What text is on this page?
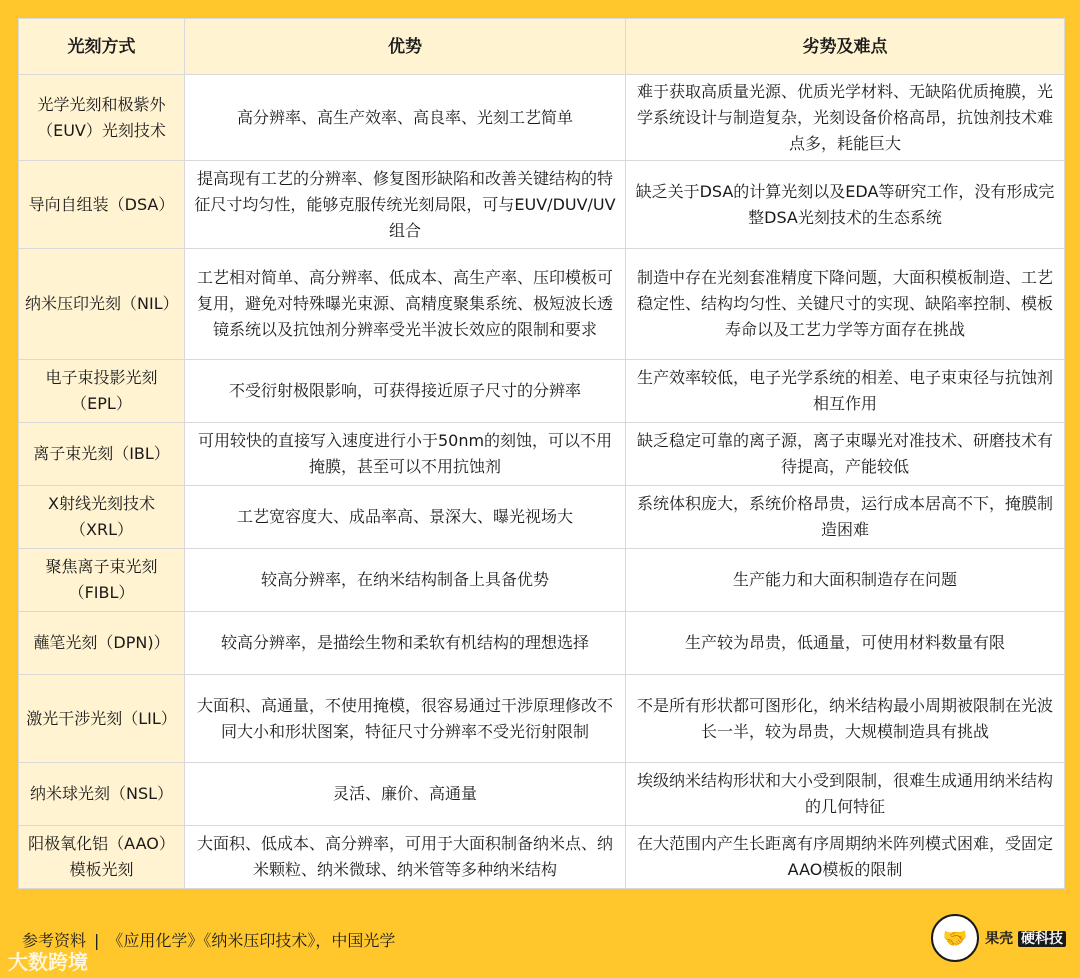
光刻方式	优势	劣势及难点
光学光刻和极紫外（EUV）光刻技术	高分辨率、高生产效率、高良率、光刻工艺简单	难于获取高质量光源、优质光学材料、无缺陷优质掩膜，光学系统设计与制造复杂，光刻设备价格高昂，抗蚀剂技术难点多，耗能巨大
导向自组装（DSA）	提高现有工艺的分辨率、修复图形缺陷和改善关键结构的特征尺寸均匀性，能够克服传统光刻局限，可与EUV/DUV/UV组合	缺乏关于DSA的计算光刻以及EDA等研究工作，没有形成完整DSA光刻技术的生态系统
纳米压印光刻（NIL）	工艺相对简单、高分辨率、低成本、高生产率、压印模板可复用，避免对特殊曝光束源、高精度聚集系统、极短波长透镜系统以及抗蚀剂分辨率受光半波长效应的限制和要求	制造中存在光刻套准精度下降问题，大面积模板制造、工艺稳定性、结构均匀性、关键尺寸的实现、缺陷率控制、模板寿命以及工艺力学等方面存在挑战
电子束投影光刻（EPL）	不受衍射极限影响，可获得接近原子尺寸的分辨率	生产效率较低，电子光学系统的相差、电子束束径与抗蚀剂相互作用
离子束光刻（IBL）	可用较快的直接写入速度进行小于50nm的刻蚀，可以不用掩膜，甚至可以不用抗蚀剂	缺乏稳定可靠的离子源，离子束曝光对准技术、研磨技术有待提高，产能较低
X射线光刻技术（XRL）	工艺宽容度大、成品率高、景深大、曝光视场大	系统体积庞大，系统价格昂贵，运行成本居高不下，掩膜制造困难
聚焦离子束光刻（FIBL）	较高分辨率，在纳米结构制备上具备优势	生产能力和大面积制造存在问题
蘸笔光刻（DPN)）	较高分辨率，是描绘生物和柔软有机结构的理想选择	生产较为昂贵，低通量，可使用材料数量有限
激光干涉光刻（LIL）	大面积、高通量，不使用掩模，很容易通过干涉原理修改不同大小和形状图案，特征尺寸分辨率不受光衍射限制	不是所有形状都可图形化，纳米结构最小周期被限制在光波长一半，较为昂贵，大规模制造具有挑战
纳米球光刻（NSL）	灵活、廉价、高通量	埃级纳米结构形状和大小受到限制，很难生成通用纳米结构的几何特征
阳极氧化铝（AAO）模板光刻	大面积、低成本、高分辨率，可用于大面积制备纳米点、纳米颗粒、纳米微球、纳米管等多种纳米结构	在大范围内产生长距离有序周期纳米阵列模式困难，受固定AAO模板的限制
参考资料 | 《应用化学》《纳米压印技术》，中国光学
大数跨境
🤝	果壳 硬科技
